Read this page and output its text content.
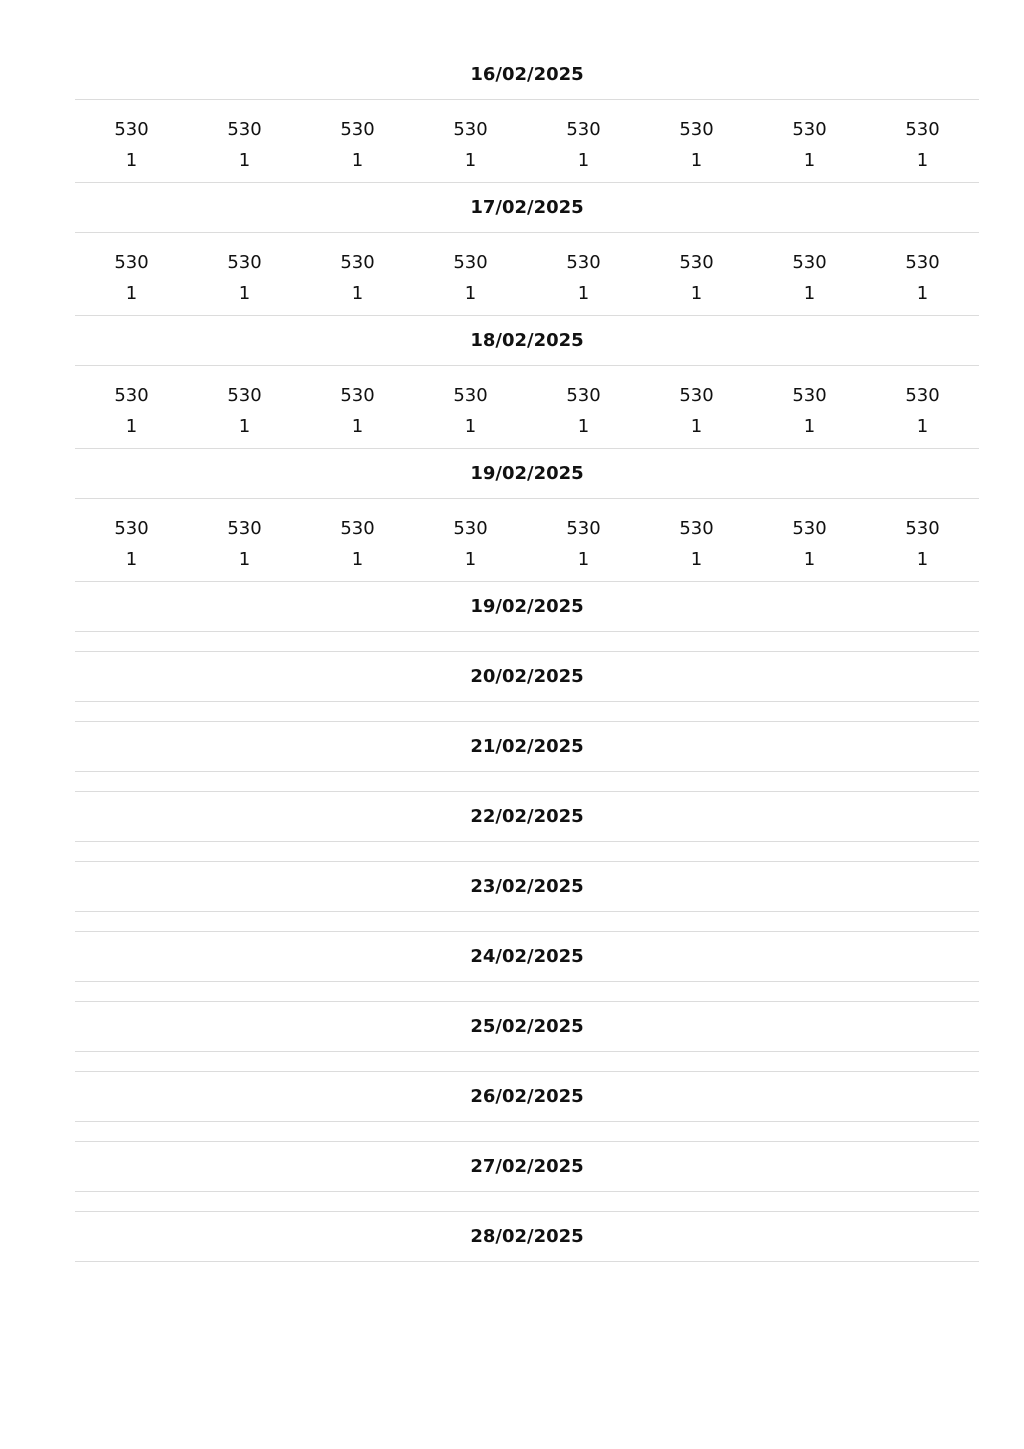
16/02/2025
530
1
530
1
530
1
530
1
530
1
530
1
530
1
530
1
17/02/2025
530
1
530
1
530
1
530
1
530
1
530
1
530
1
530
1
18/02/2025
530
1
530
1
530
1
530
1
530
1
530
1
530
1
530
1
19/02/2025
530
1
530
1
530
1
530
1
530
1
530
1
530
1
530
1
19/02/2025
20/02/2025
21/02/2025
22/02/2025
23/02/2025
24/02/2025
25/02/2025
26/02/2025
27/02/2025
28/02/2025
